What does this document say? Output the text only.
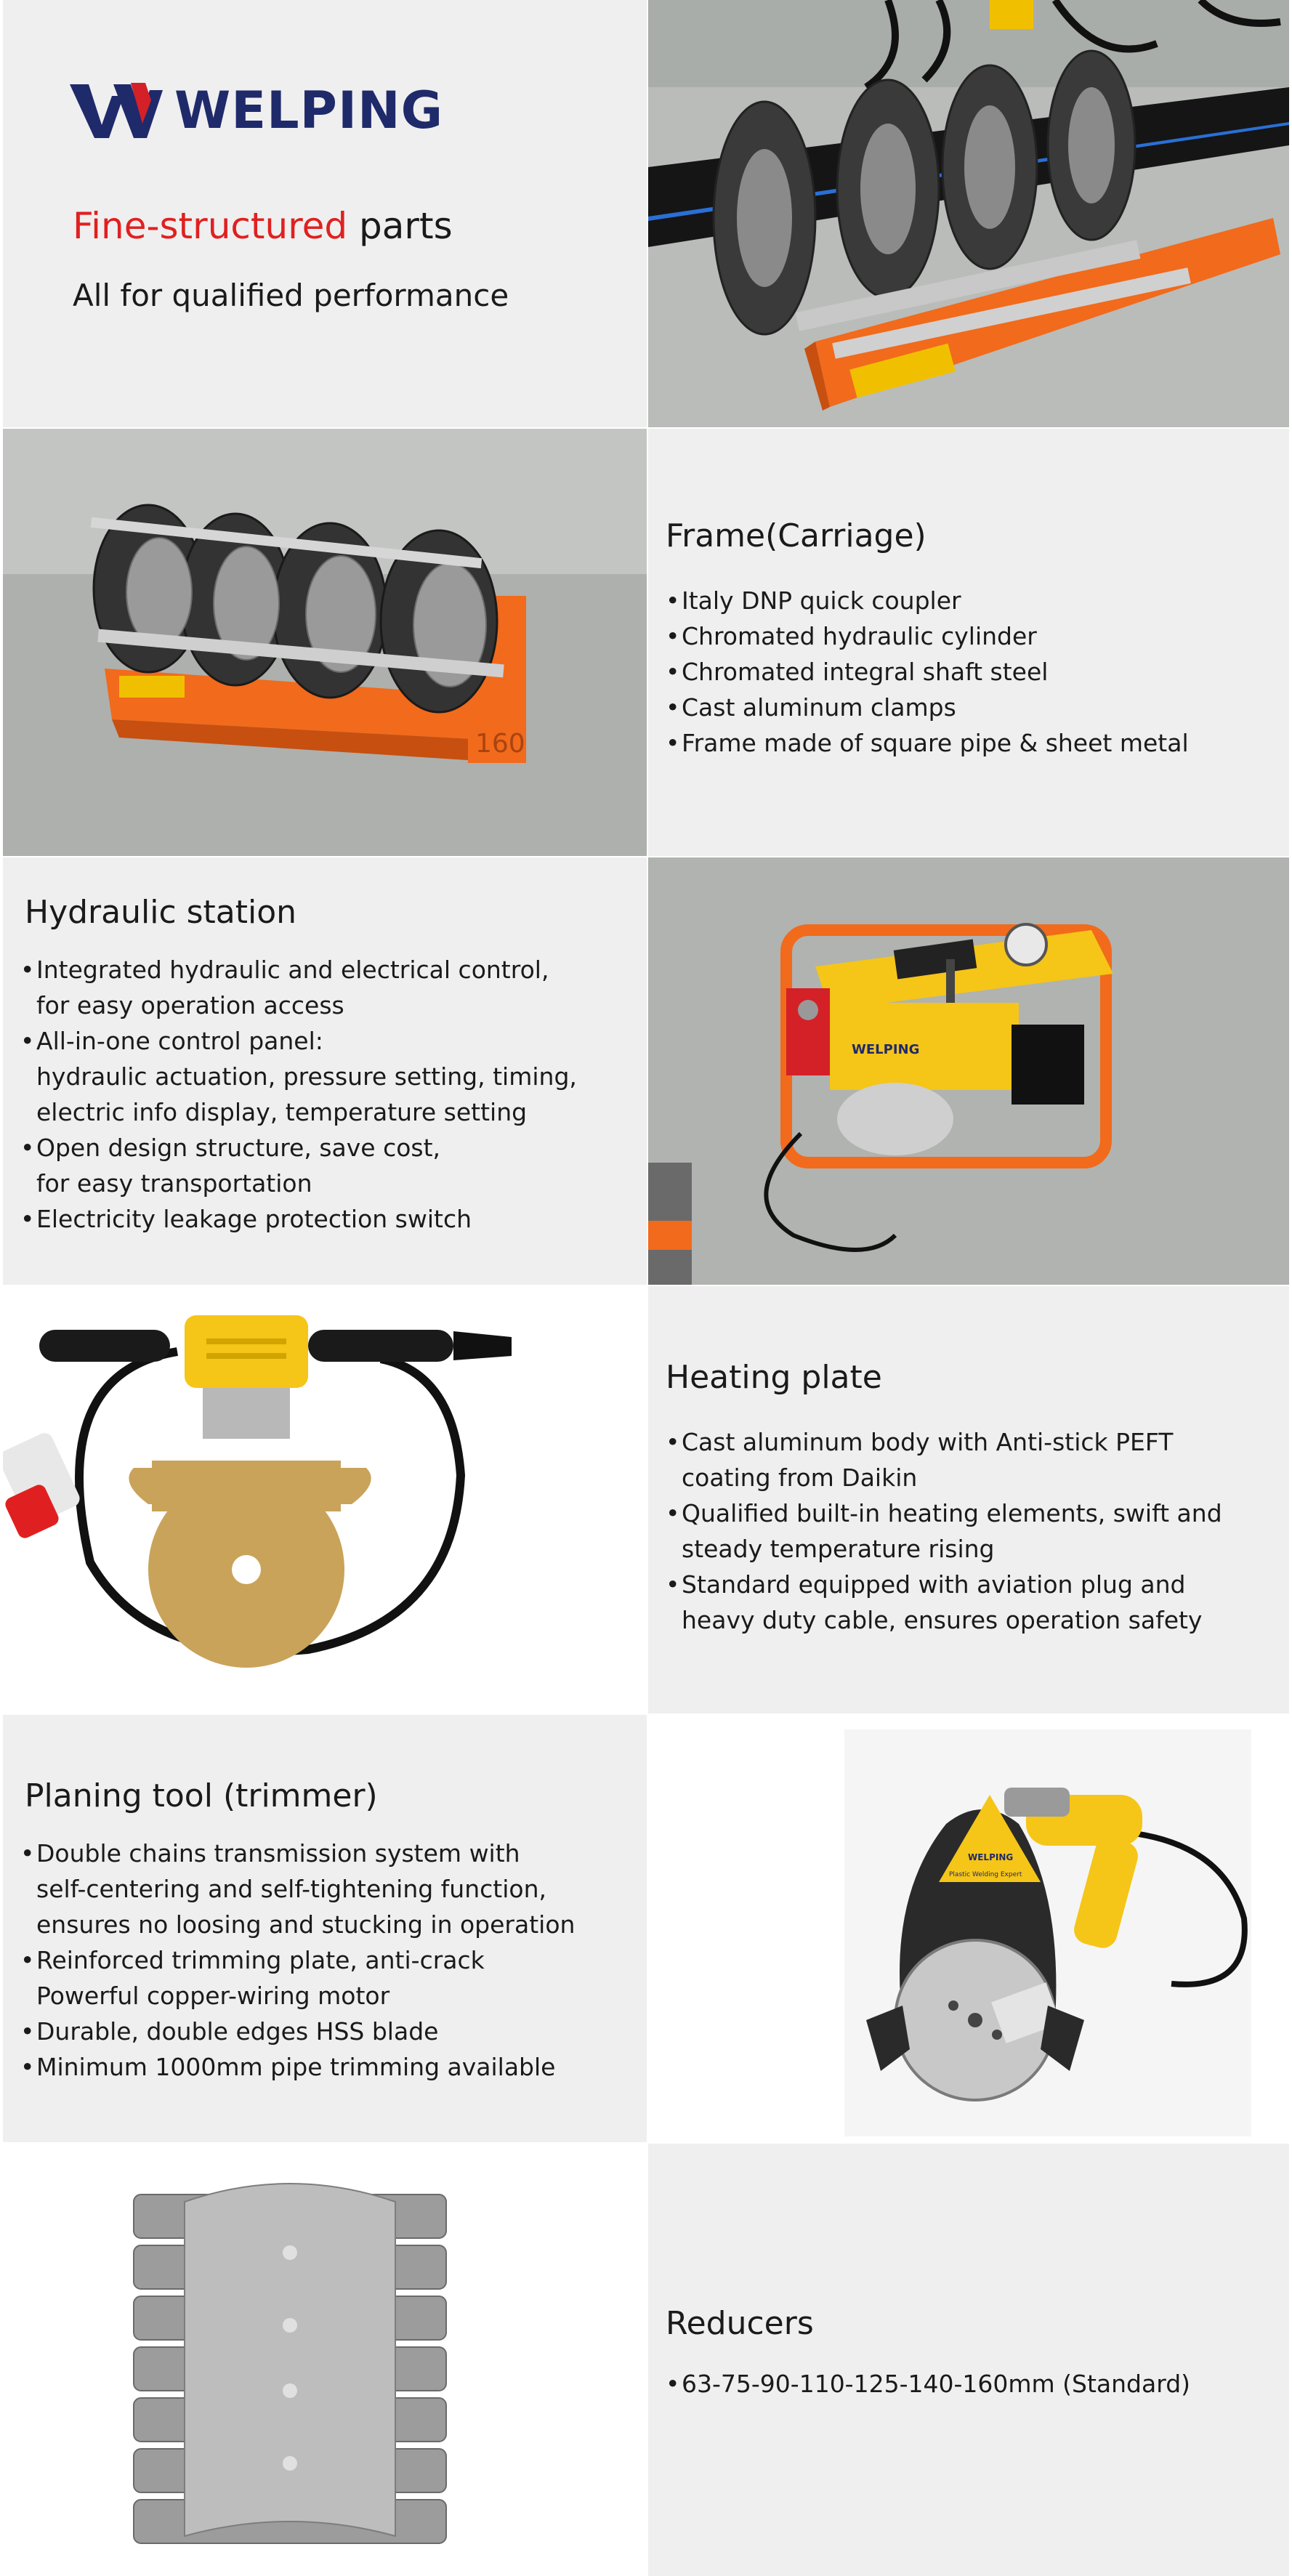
WELPING
Fine-structured parts
All for qualified performance
160
Frame(Carriage)
• Italy DNP quick coupler
• Chromated hydraulic cylinder
• Chromated integral shaft steel
• Cast aluminum clamps
• Frame made of square pipe & sheet metal
Hydraulic station
• Integrated hydraulic and electrical control,
for easy operation access
• All-in-one control panel:
hydraulic actuation, pressure setting, timing,
electric info display, temperature setting
• Open design structure, save cost,
for easy transportation
• Electricity leakage protection switch
WELPING
Heating plate
• Cast aluminum body with Anti-stick PEFT
coating from Daikin
• Qualified built-in heating elements, swift and
steady temperature rising
• Standard equipped with aviation plug and
heavy duty cable, ensures operation safety
Planing tool (trimmer)
• Double chains transmission system with
self-centering and self-tightening function,
ensures no loosing and stucking in operation
• Reinforced trimming plate, anti-crack
Powerful copper-wiring motor
• Durable, double edges HSS blade
• Minimum 1000mm pipe trimming available
WELPING
Plastic Welding Expert
Reducers
• 63-75-90-110-125-140-160mm (Standard)
